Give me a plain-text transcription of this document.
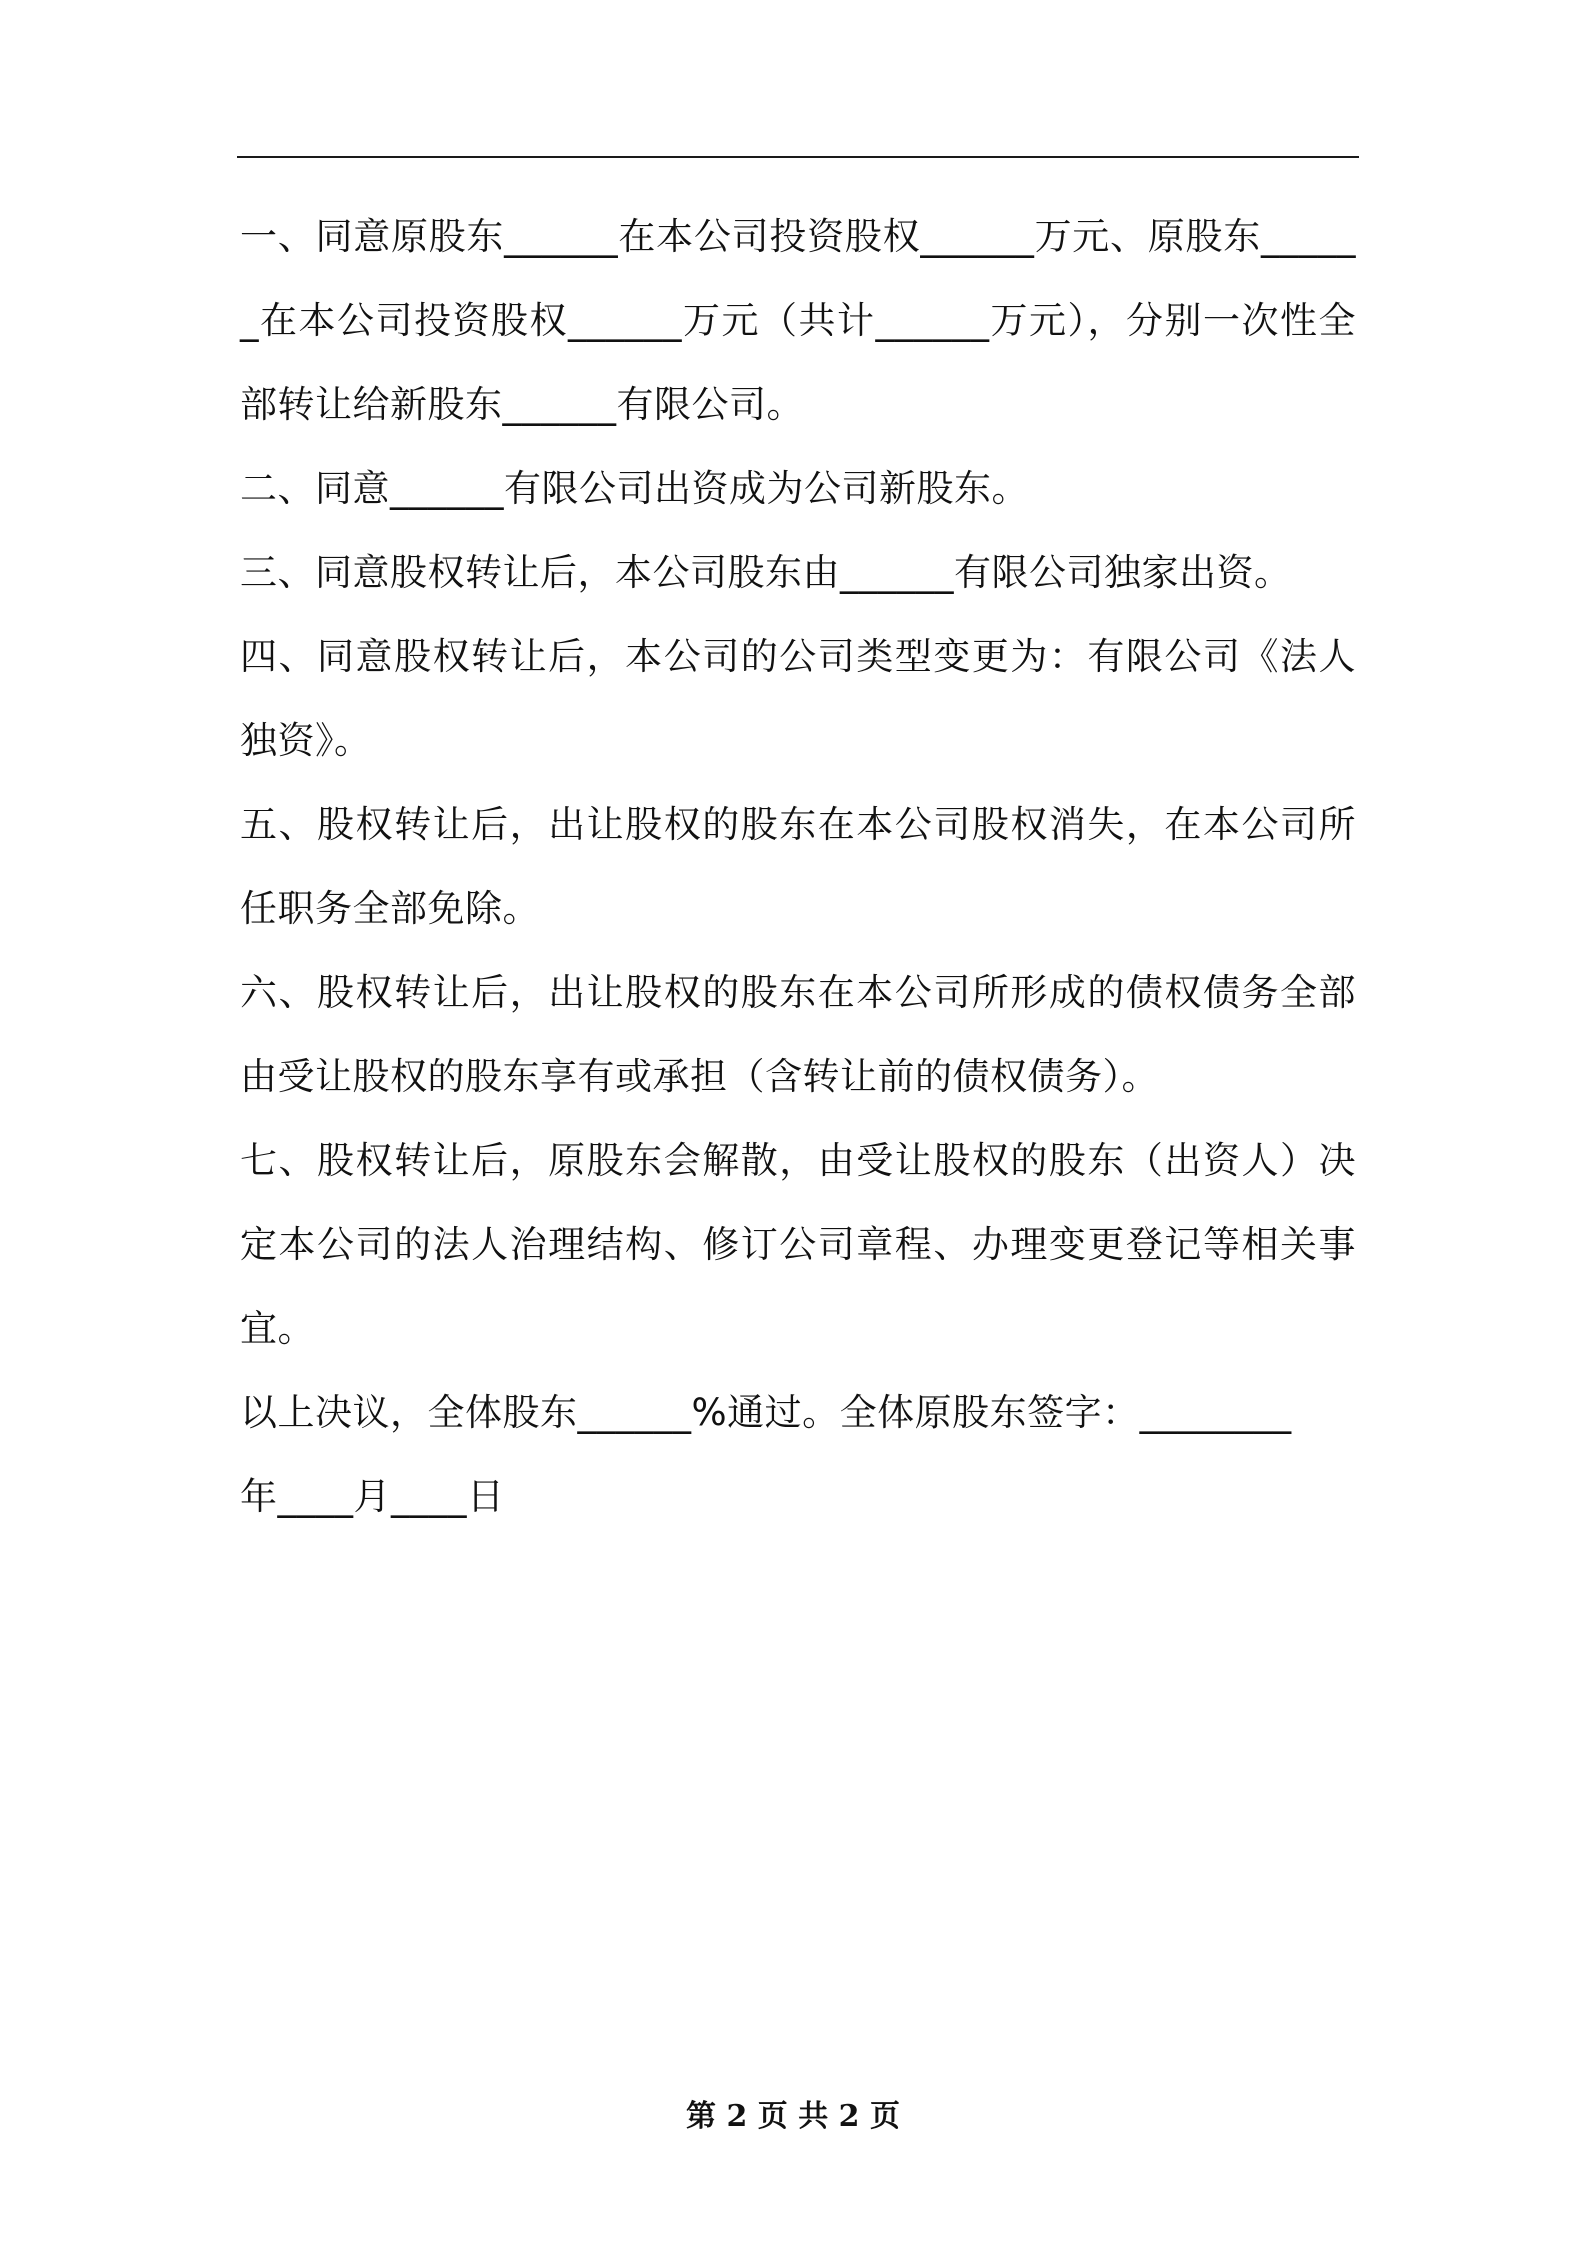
一、同意原股东______在本公司投资股权______万元、原股东______在本公司投资股权______万元（共计______万元），分别一次性全部转让给新股东______有限公司。

二、同意______有限公司出资成为公司新股东。

三、同意股权转让后，本公司股东由______有限公司独家出资。

四、同意股权转让后，本公司的公司类型变更为：有限公司《法人独资》。

五、股权转让后，出让股权的股东在本公司股权消失，在本公司所任职务全部免除。

六、股权转让后，出让股权的股东在本公司所形成的债权债务全部由受让股权的股东享有或承担（含转让前的债权债务）。

七、股权转让后，原股东会解散，由受让股权的股东（出资人）决定本公司的法人治理结构、修订公司章程、办理变更登记等相关事宜。

以上决议，全体股东______%通过。全体原股东签字：________

年____月____日

第 2 页 共 2 页
